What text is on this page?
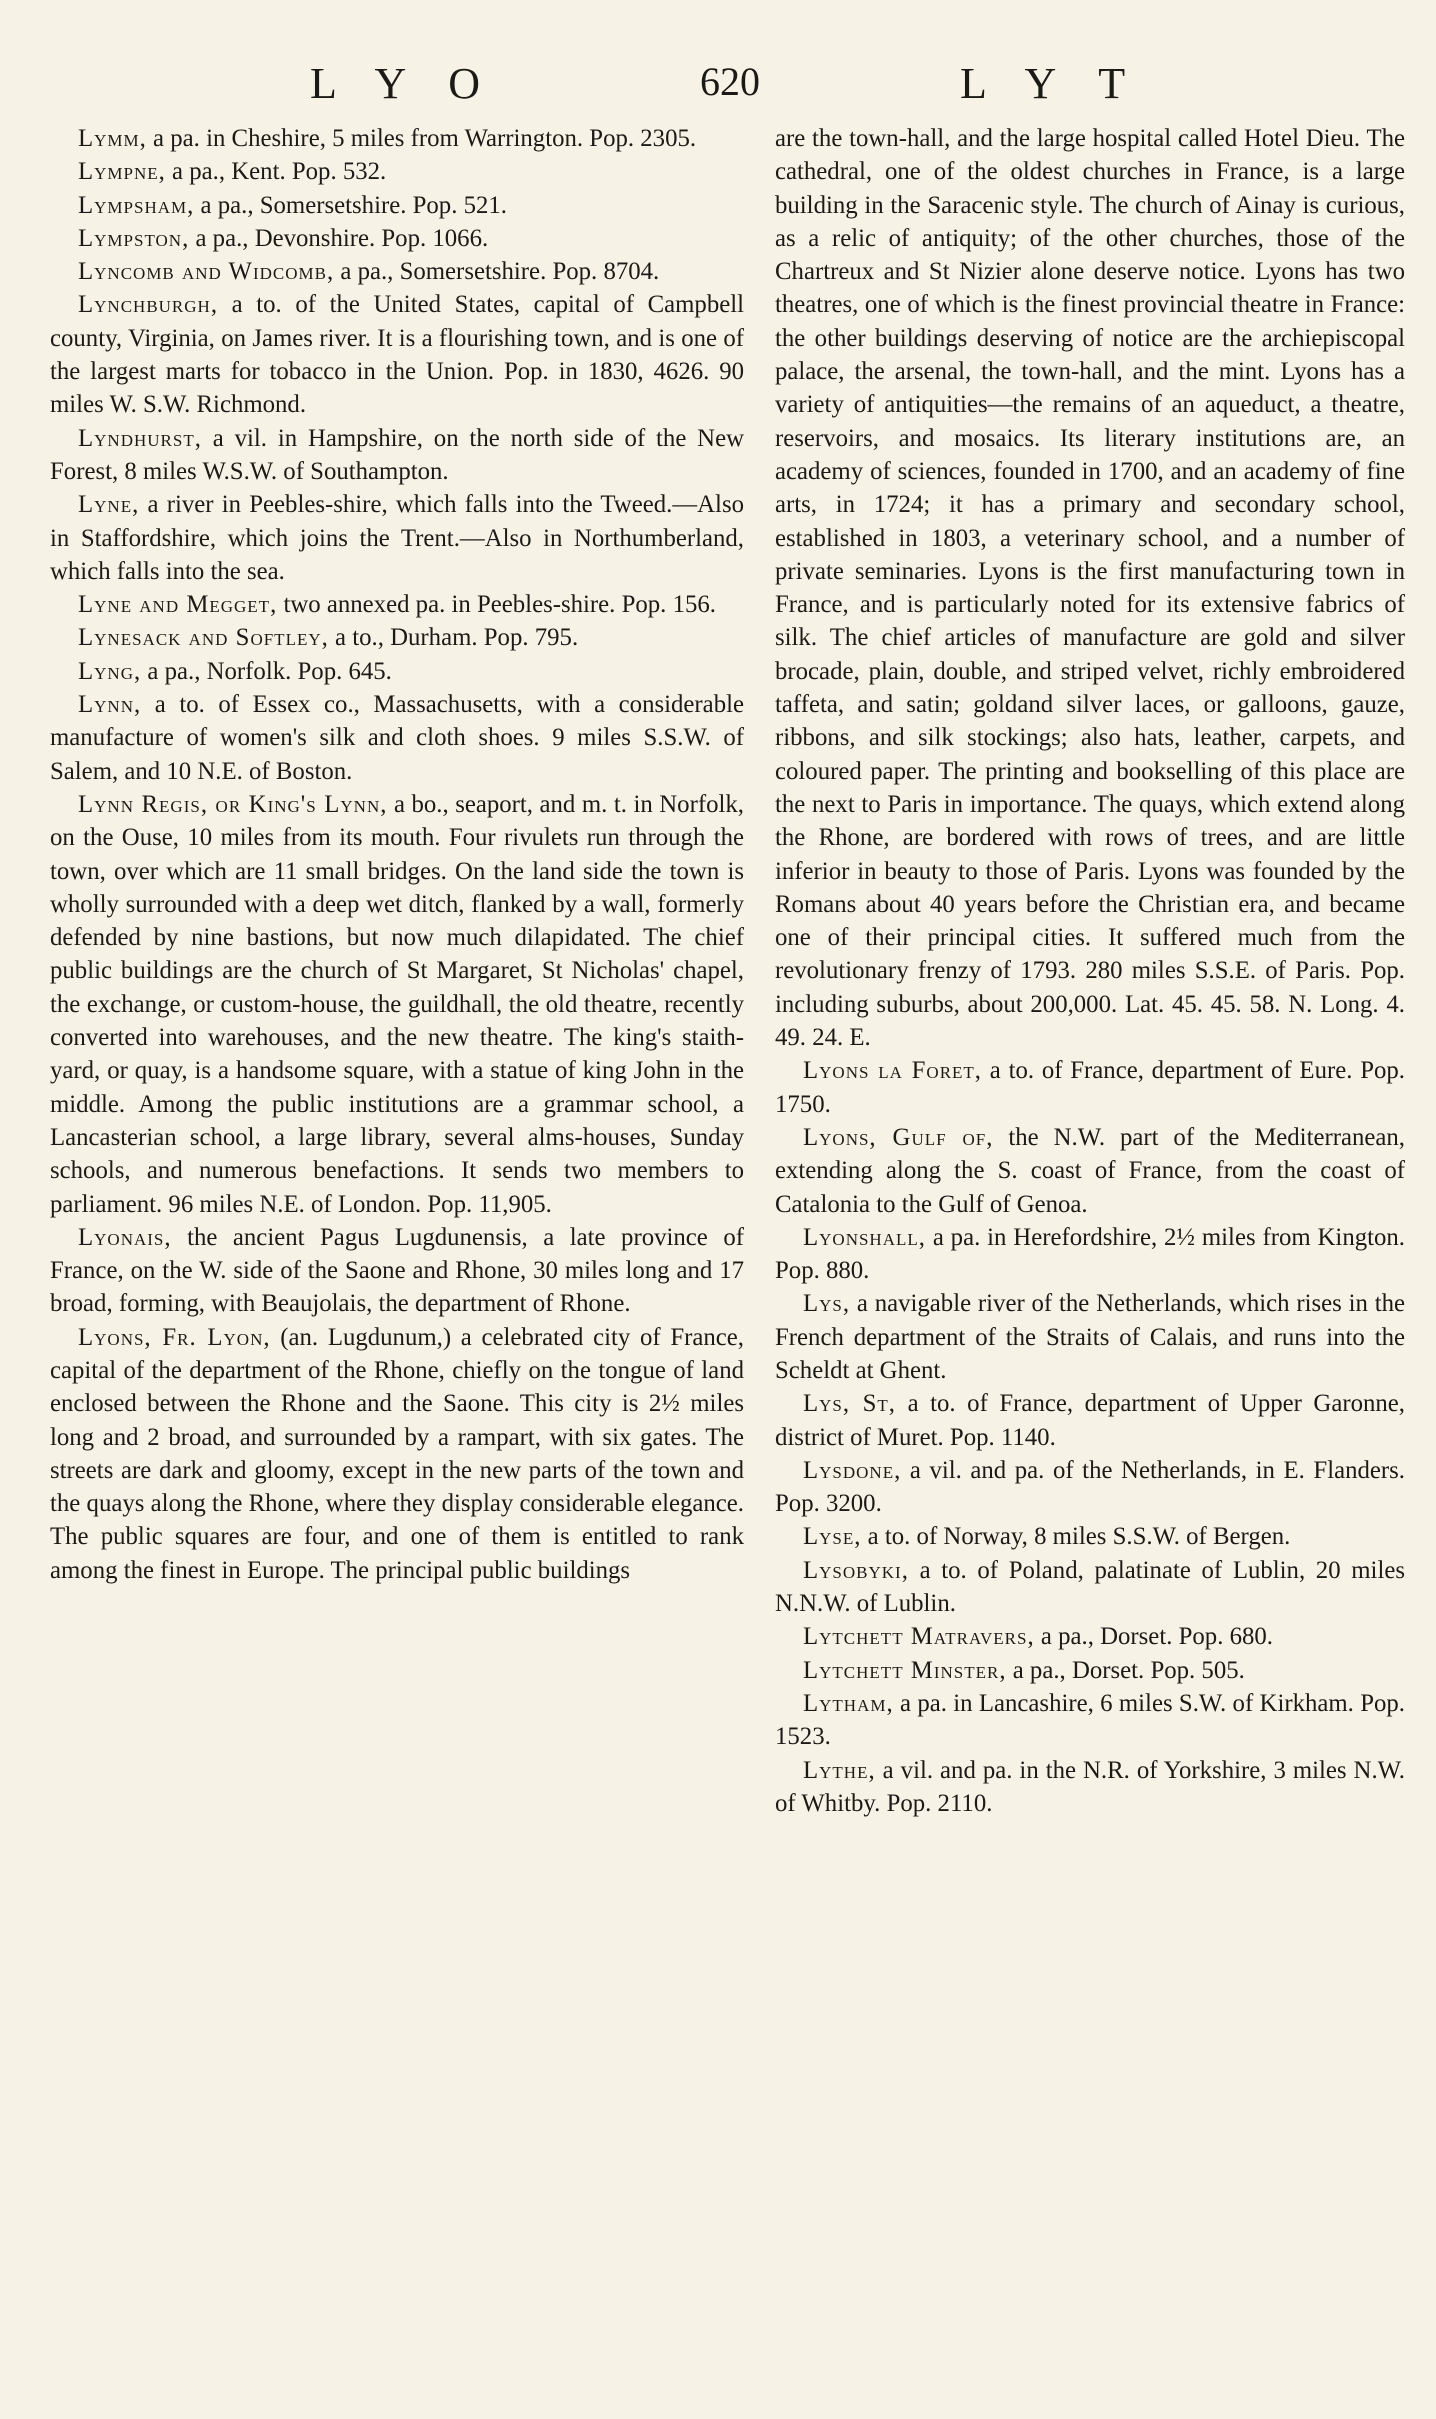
LYO	620	LYT

Lymm, a pa. in Cheshire, 5 miles from Warrington. Pop. 2305.

Lympne, a pa., Kent. Pop. 532.

Lympsham, a pa., Somersetshire. Pop. 521.

Lympston, a pa., Devonshire. Pop. 1066.

Lyncomb and Widcomb, a pa., Somersetshire. Pop. 8704.

Lynchburgh, a to. of the United States, capital of Campbell county, Virginia, on James river. It is a flourishing town, and is one of the largest marts for tobacco in the Union. Pop. in 1830, 4626. 90 miles W. S.W. Richmond.

Lyndhurst, a vil. in Hampshire, on the north side of the New Forest, 8 miles W.S.W. of Southampton.

Lyne, a river in Peebles-shire, which falls into the Tweed.—Also in Staffordshire, which joins the Trent.—Also in Northumberland, which falls into the sea.

Lyne and Megget, two annexed pa. in Peebles-shire. Pop. 156.

Lynesack and Softley, a to., Durham. Pop. 795.

Lyng, a pa., Norfolk. Pop. 645.

Lynn, a to. of Essex co., Massachusetts, with a considerable manufacture of women's silk and cloth shoes. 9 miles S.S.W. of Salem, and 10 N.E. of Boston.

Lynn Regis, or King's Lynn, a bo., seaport, and m. t. in Norfolk, on the Ouse, 10 miles from its mouth. Four rivulets run through the town, over which are 11 small bridges. On the land side the town is wholly surrounded with a deep wet ditch, flanked by a wall, formerly defended by nine bastions, but now much dilapidated. The chief public buildings are the church of St Margaret, St Nicholas' chapel, the exchange, or custom-house, the guildhall, the old theatre, recently converted into warehouses, and the new theatre. The king's staith-yard, or quay, is a handsome square, with a statue of king John in the middle. Among the public institutions are a grammar school, a Lancasterian school, a large library, several alms-houses, Sunday schools, and numerous benefactions. It sends two members to parliament. 96 miles N.E. of London. Pop. 11,905.

Lyonais, the ancient Pagus Lugdunensis, a late province of France, on the W. side of the Saone and Rhone, 30 miles long and 17 broad, forming, with Beaujolais, the department of Rhone.

Lyons, Fr. Lyon, (an. Lugdunum,) a celebrated city of France, capital of the department of the Rhone, chiefly on the tongue of land enclosed between the Rhone and the Saone. This city is 2½ miles long and 2 broad, and surrounded by a rampart, with six gates. The streets are dark and gloomy, except in the new parts of the town and the quays along the Rhone, where they display considerable elegance. The public squares are four, and one of them is entitled to rank among the finest in Europe. The principal public buildings

are the town-hall, and the large hospital called Hotel Dieu. The cathedral, one of the oldest churches in France, is a large building in the Saracenic style. The church of Ainay is curious, as a relic of antiquity; of the other churches, those of the Chartreux and St Nizier alone deserve notice. Lyons has two theatres, one of which is the finest provincial theatre in France: the other buildings deserving of notice are the archiepiscopal palace, the arsenal, the town-hall, and the mint. Lyons has a variety of antiquities—the remains of an aqueduct, a theatre, reservoirs, and mosaics. Its literary institutions are, an academy of sciences, founded in 1700, and an academy of fine arts, in 1724; it has a primary and secondary school, established in 1803, a veterinary school, and a number of private seminaries. Lyons is the first manufacturing town in France, and is particularly noted for its extensive fabrics of silk. The chief articles of manufacture are gold and silver brocade, plain, double, and striped velvet, richly embroidered taffeta, and satin; goldand silver laces, or galloons, gauze, ribbons, and silk stockings; also hats, leather, carpets, and coloured paper. The printing and bookselling of this place are the next to Paris in importance. The quays, which extend along the Rhone, are bordered with rows of trees, and are little inferior in beauty to those of Paris. Lyons was founded by the Romans about 40 years before the Christian era, and became one of their principal cities. It suffered much from the revolutionary frenzy of 1793. 280 miles S.S.E. of Paris. Pop. including suburbs, about 200,000. Lat. 45. 45. 58. N. Long. 4. 49. 24. E.

Lyons la Foret, a to. of France, department of Eure. Pop. 1750.

Lyons, Gulf of, the N.W. part of the Mediterranean, extending along the S. coast of France, from the coast of Catalonia to the Gulf of Genoa.

Lyonshall, a pa. in Herefordshire, 2½ miles from Kington. Pop. 880.

Lys, a navigable river of the Netherlands, which rises in the French department of the Straits of Calais, and runs into the Scheldt at Ghent.

Lys, St, a to. of France, department of Upper Garonne, district of Muret. Pop. 1140.

Lysdone, a vil. and pa. of the Netherlands, in E. Flanders. Pop. 3200.

Lyse, a to. of Norway, 8 miles S.S.W. of Bergen.

Lysobyki, a to. of Poland, palatinate of Lublin, 20 miles N.N.W. of Lublin.

Lytchett Matravers, a pa., Dorset. Pop. 680.

Lytchett Minster, a pa., Dorset. Pop. 505.

Lytham, a pa. in Lancashire, 6 miles S.W. of Kirkham. Pop. 1523.

Lythe, a vil. and pa. in the N.R. of Yorkshire, 3 miles N.W. of Whitby. Pop. 2110.
